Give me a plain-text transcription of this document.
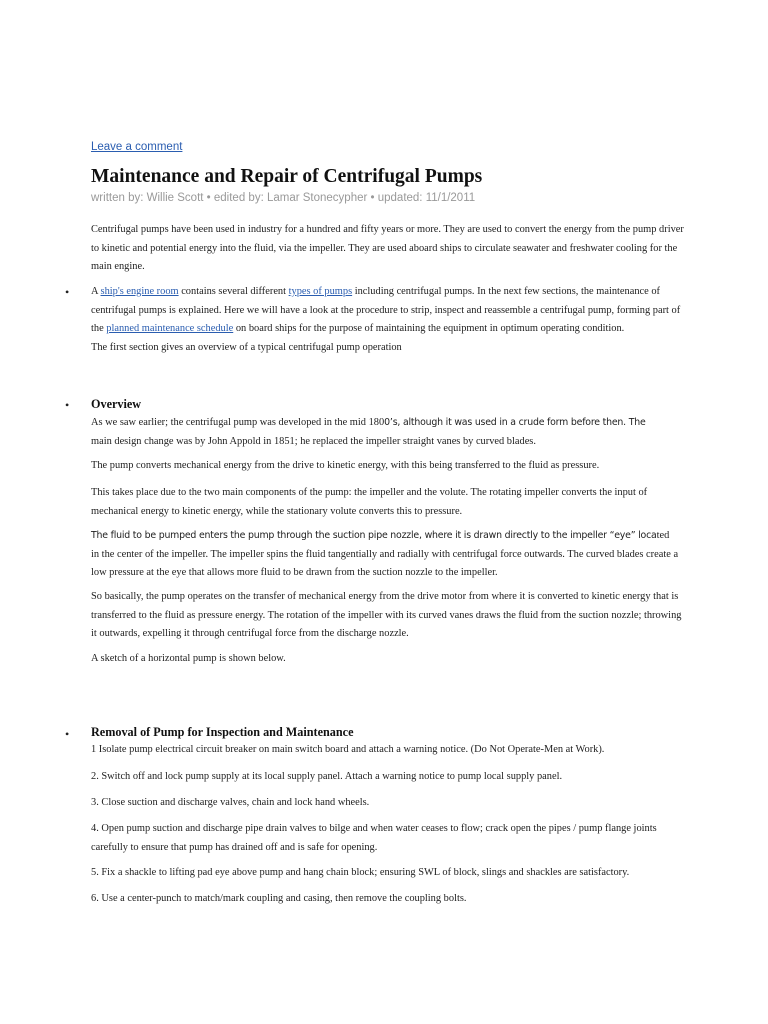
Leave a comment
Maintenance and Repair of Centrifugal Pumps
written by: Willie Scott • edited by: Lamar Stonecypher • updated: 11/1/2011

Centrifugal pumps have been used in industry for a hundred and fifty years or more. They are used to convert the energy from the pump driver to kinetic and potential energy into the fluid, via the impeller. They are used aboard ships to circulate seawater and freshwater cooling for the main engine.

• A ship's engine room contains several different types of pumps including centrifugal pumps. In the next few sections, the maintenance of centrifugal pumps is explained. Here we will have a look at the procedure to strip, inspect and reassemble a centrifugal pump, forming part of the planned maintenance schedule on board ships for the purpose of maintaining the equipment in optimum operating condition.
The first section gives an overview of a typical centrifugal pump operation

• Overview

As we saw earlier; the centrifugal pump was developed in the mid 1800’s, although it was used in a crude form before then. The
main design change was by John Appold in 1851; he replaced the impeller straight vanes by curved blades.

The pump converts mechanical energy from the drive to kinetic energy, with this being transferred to the fluid as pressure.

This takes place due to the two main components of the pump: the impeller and the volute. The rotating impeller converts the input of mechanical energy to kinetic energy, while the stationary volute converts this to pressure.

The fluid to be pumped enters the pump through the suction pipe nozzle, where it is drawn directly to the impeller “eye” located
in the center of the impeller. The impeller spins the fluid tangentially and radially with centrifugal force outwards. The curved blades create a low pressure at the eye that allows more fluid to be drawn from the suction nozzle to the impeller.

So basically, the pump operates on the transfer of mechanical energy from the drive motor from where it is converted to kinetic energy that is transferred to the fluid as pressure energy. The rotation of the impeller with its curved vanes draws the fluid from the suction nozzle; throwing it outwards, expelling it through centrifugal force from the discharge nozzle.

A sketch of a horizontal pump is shown below.

• Removal of Pump for Inspection and Maintenance

1 Isolate pump electrical circuit breaker on main switch board and attach a warning notice. (Do Not Operate-Men at Work).

2. Switch off and lock pump supply at its local supply panel. Attach a warning notice to pump local supply panel.

3. Close suction and discharge valves, chain and lock hand wheels.

4. Open pump suction and discharge pipe drain valves to bilge and when water ceases to flow; crack open the pipes / pump flange joints carefully to ensure that pump has drained off and is safe for opening.

5. Fix a shackle to lifting pad eye above pump and hang chain block; ensuring SWL of block, slings and shackles are satisfactory.

6. Use a center-punch to match/mark coupling and casing, then remove the coupling bolts.
